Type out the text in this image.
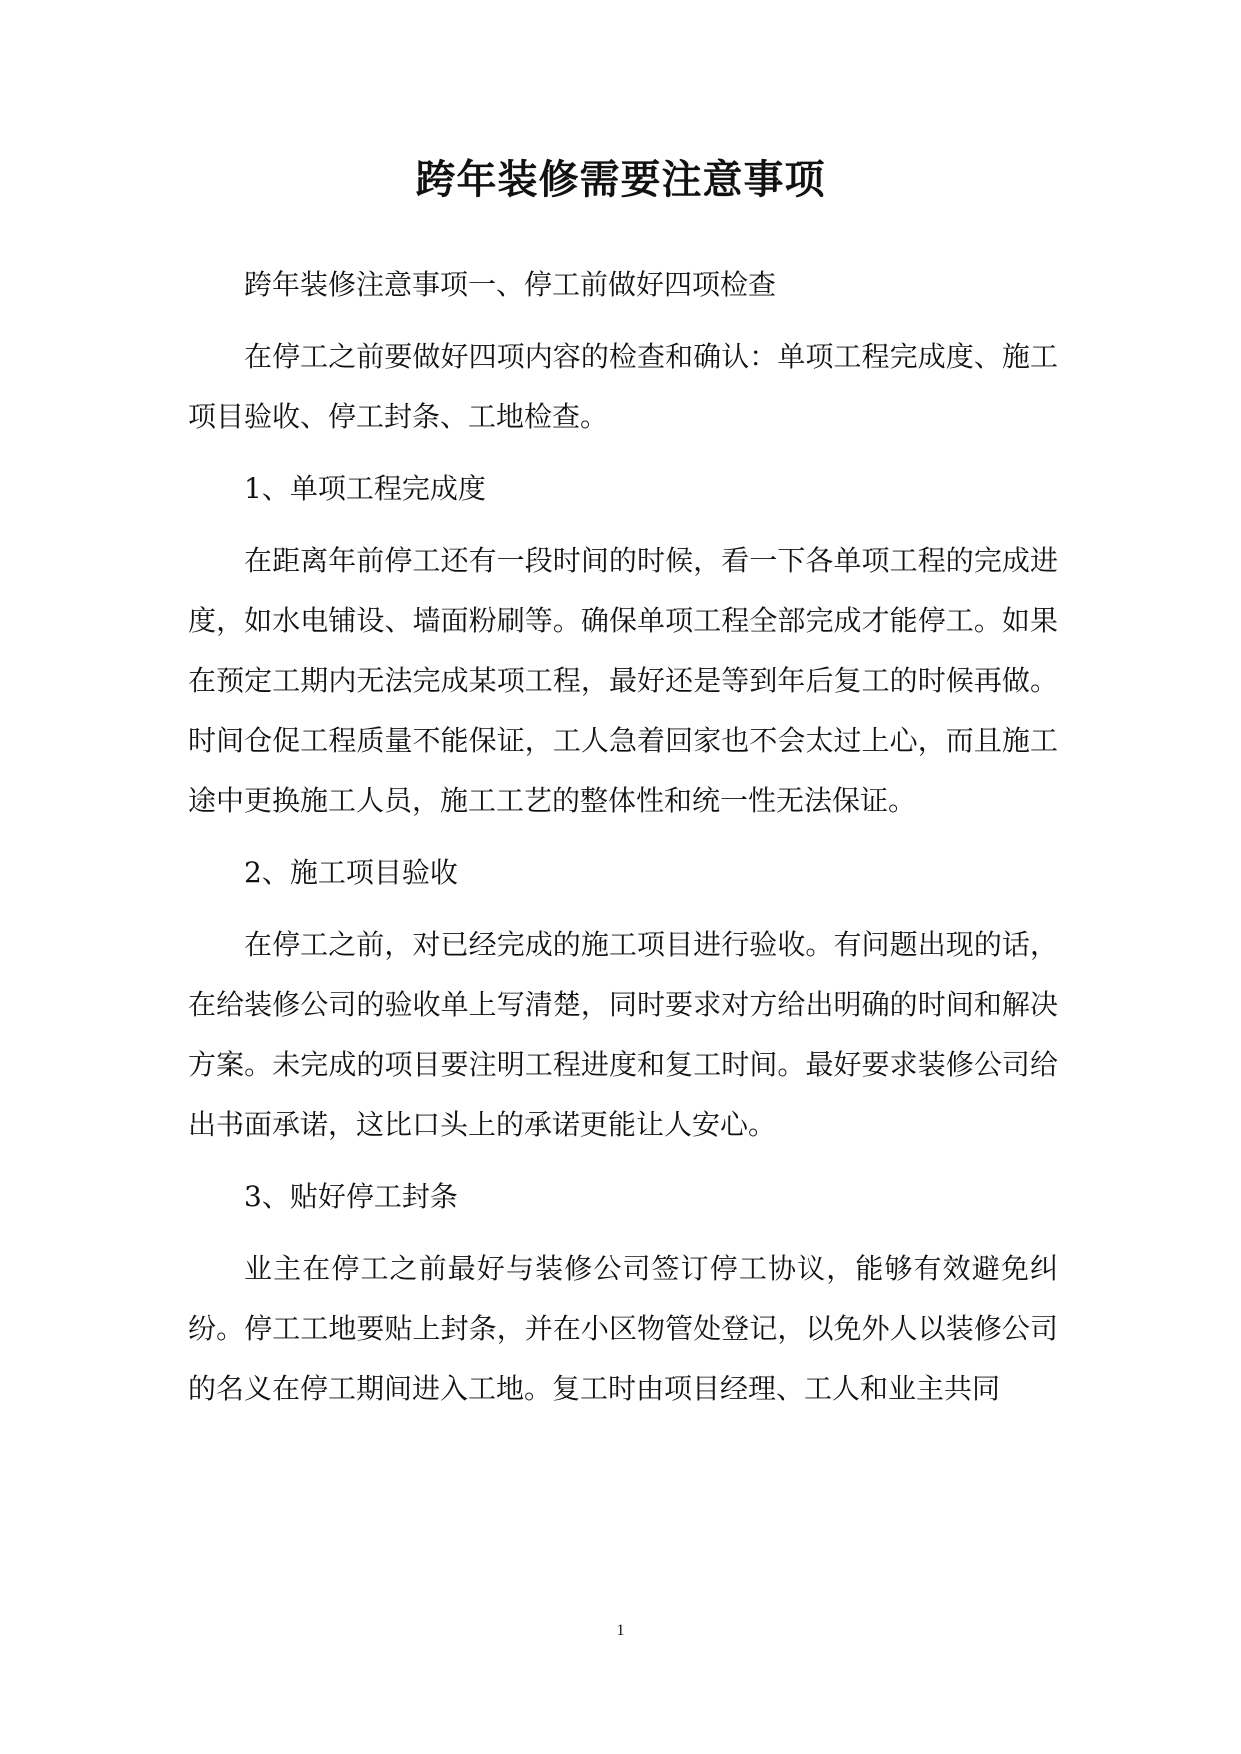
跨年装修需要注意事项

跨年装修注意事项一、停工前做好四项检查

在停工之前要做好四项内容的检查和确认：单项工程完成度、施工项目验收、停工封条、工地检查。

1、单项工程完成度

在距离年前停工还有一段时间的时候，看一下各单项工程的完成进度，如水电铺设、墙面粉刷等。确保单项工程全部完成才能停工。如果在预定工期内无法完成某项工程，最好还是等到年后复工的时候再做。时间仓促工程质量不能保证，工人急着回家也不会太过上心，而且施工途中更换施工人员，施工工艺的整体性和统一性无法保证。

2、施工项目验收

在停工之前，对已经完成的施工项目进行验收。有问题出现的话，在给装修公司的验收单上写清楚，同时要求对方给出明确的时间和解决方案。未完成的项目要注明工程进度和复工时间。最好要求装修公司给出书面承诺，这比口头上的承诺更能让人安心。

3、贴好停工封条

业主在停工之前最好与装修公司签订停工协议，能够有效避免纠纷。停工工地要贴上封条，并在小区物管处登记，以免外人以装修公司的名义在停工期间进入工地。复工时由项目经理、工人和业主共同

1
